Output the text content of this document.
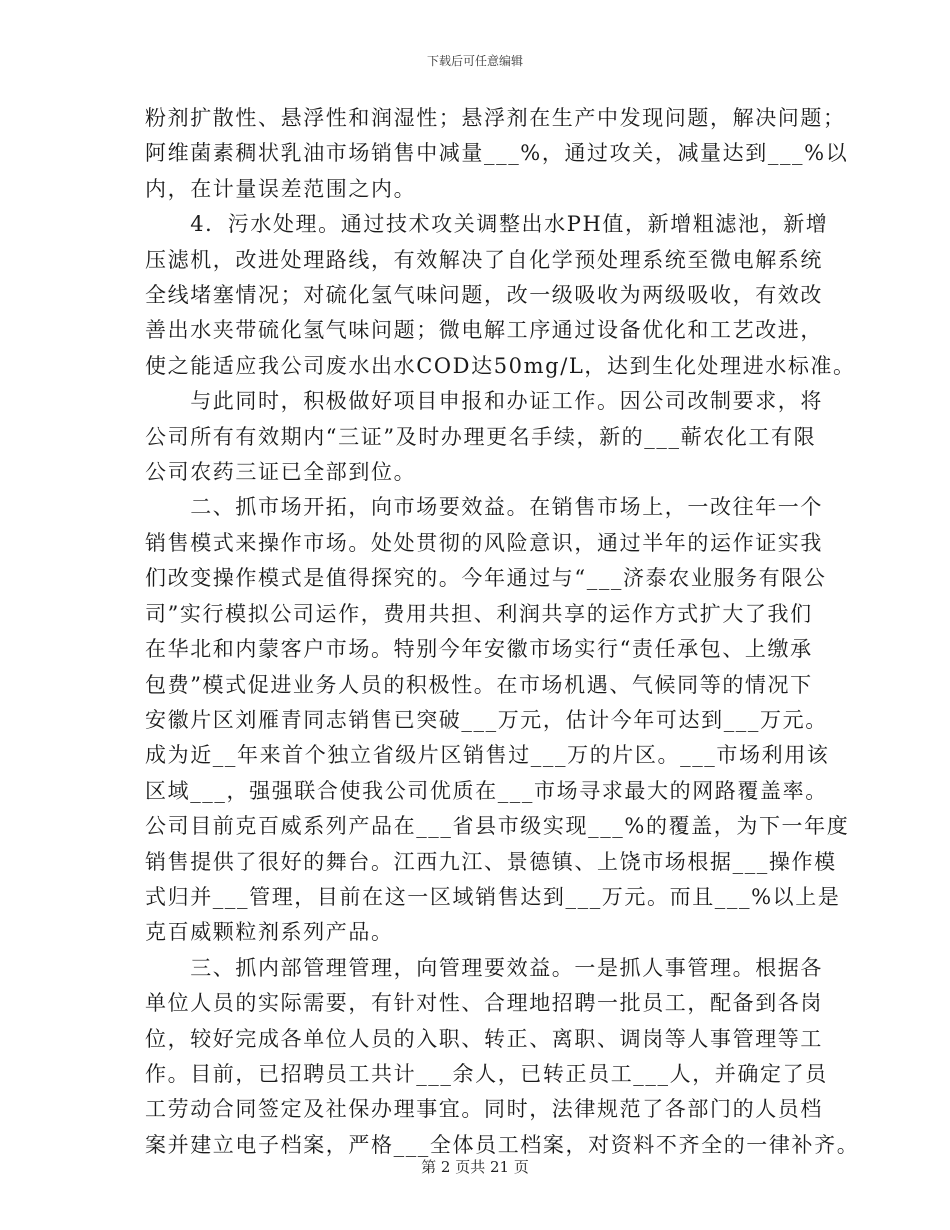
下载后可任意编辑

粉剂扩散性、悬浮性和润湿性；悬浮剂在生产中发现问题，解决问题；

阿维菌素稠状乳油市场销售中减量___%，通过攻关，减量达到___%以

内，在计量误差范围之内。

　　4．污水处理。通过技术攻关调整出水PH值，新增粗滤池，新增

压滤机，改进处理路线，有效解决了自化学预处理系统至微电解系统

全线堵塞情况；对硫化氢气味问题，改一级吸收为两级吸收，有效改

善出水夹带硫化氢气味问题；微电解工序通过设备优化和工艺改进，

使之能适应我公司废水出水COD达50mg/L，达到生化处理进水标准。

　　与此同时，积极做好项目申报和办证工作。因公司改制要求，将

公司所有有效期内“三证”及时办理更名手续，新的___蕲农化工有限

公司农药三证已全部到位。

　　二、抓市场开拓，向市场要效益。在销售市场上，一改往年一个

销售模式来操作市场。处处贯彻的风险意识，通过半年的运作证实我

们改变操作模式是值得探究的。今年通过与“___济泰农业服务有限公

司”实行模拟公司运作，费用共担、利润共享的运作方式扩大了我们

在华北和内蒙客户市场。特别今年安徽市场实行“责任承包、上缴承

包费”模式促进业务人员的积极性。在市场机遇、气候同等的情况下

安徽片区刘雁青同志销售已突破___万元，估计今年可达到___万元。

成为近__年来首个独立省级片区销售过___万的片区。___市场利用该

区域___，强强联合使我公司优质在___市场寻求最大的网路覆盖率。

公司目前克百威系列产品在___省县市级实现___%的覆盖，为下一年度

销售提供了很好的舞台。江西九江、景德镇、上饶市场根据___操作模

式归并___管理，目前在这一区域销售达到___万元。而且___%以上是

克百威颗粒剂系列产品。

　　三、抓内部管理管理，向管理要效益。一是抓人事管理。根据各

单位人员的实际需要，有针对性、合理地招聘一批员工，配备到各岗

位，较好完成各单位人员的入职、转正、离职、调岗等人事管理等工

作。目前，已招聘员工共计___余人，已转正员工___人，并确定了员

工劳动合同签定及社保办理事宜。同时，法律规范了各部门的人员档

案并建立电子档案，严格___全体员工档案，对资料不齐全的一律补齐。

第 2 页共 21 页
